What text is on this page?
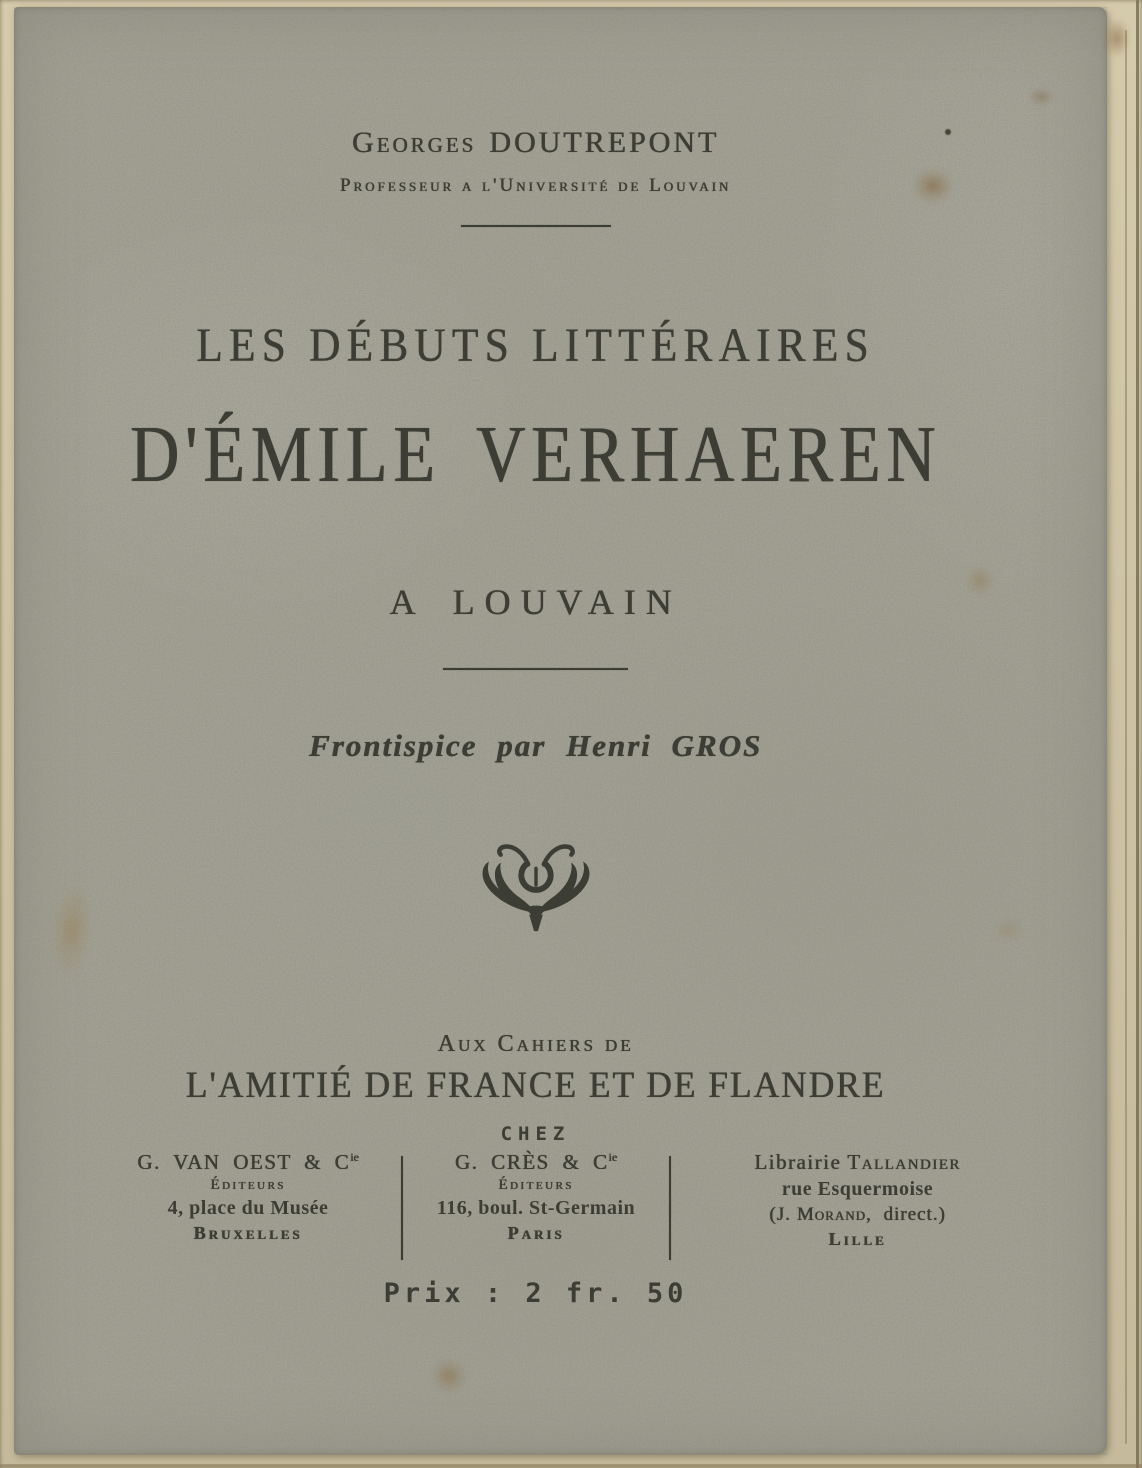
Georges DOUTREPONT
Professeur a l'Université de Louvain
LES DÉBUTS LITTÉRAIRES
D'ÉMILE VERHAEREN
A LOUVAIN
Frontispice par Henri GROS
Aux Cahiers de
L'AMITIÉ DE FRANCE ET DE FLANDRE
CHEZ
G. VAN OEST & $C^{ie}$
Éditeurs
4, place du Musée
Bruxelles
G. CRÈS & $C^{ie}$
Éditeurs
116, boul. St-Germain
Paris
Librairie Tallandier
rue Esquermoise
(J. Morand, direct.)
Lille
Prix : 2 fr. 50
